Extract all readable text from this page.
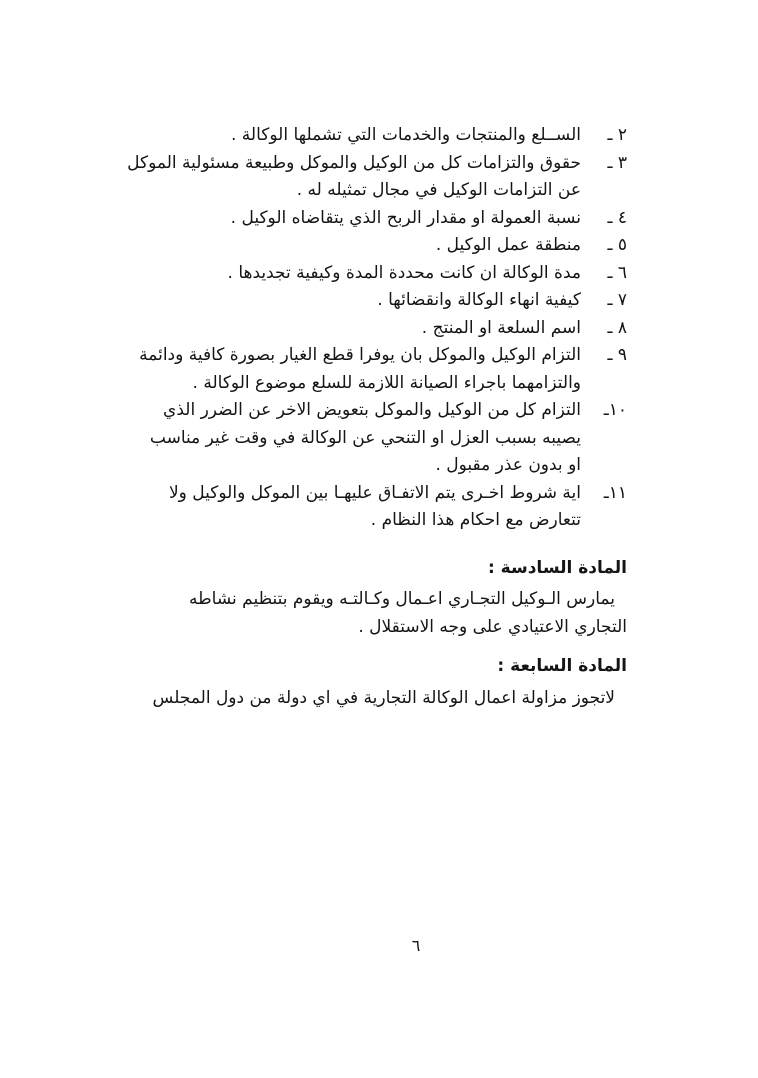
٢ ـالســلع والمنتجات والخدمات التي تشملها الوكالة .
٣ ـحقوق والتزامات كل من الوكيل والموكل وطبيعة مسئولية الموكل
عن التزامات الوكيل في مجال تمثيله له .
٤ ـنسبة العمولة او مقدار الربح الذي يتقاضاه الوكيل .
٥ ـمنطقة عمل الوكيل .
٦ ـمدة الوكالة ان كانت محددة المدة وكيفية تجديدها .
٧ ـكيفية انهاء الوكالة وانقضائها .
٨ ـاسم السلعة او المنتج .
٩ ـالتزام الوكيل والموكل بان يوفرا قطع الغيار بصورة كافية ودائمة
والتزامهما باجراء الصيانة اللازمة للسلع موضوع الوكالة .
١٠ـالتزام كل من الوكيل والموكل بتعويض الاخر عن الضرر الذي
يصيبه بسبب العزل او التنحي عن الوكالة في وقت غير مناسب
او بدون عذر مقبول .
١١ـاية شروط اخـرى يتم الاتفـاق عليهـا بين الموكل والوكيل ولا
تتعارض مع احكام هذا النظام .
المادة السادسة :
يمارس الـوكيل التجـاري اعـمال وكـالتـه ويقوم بتنظيم نشاطه
التجاري الاعتيادي على وجه الاستقلال .
المادة السابعة :
لاتجوز مزاولة اعمال الوكالة التجارية في اي دولة من دول المجلس
٦
